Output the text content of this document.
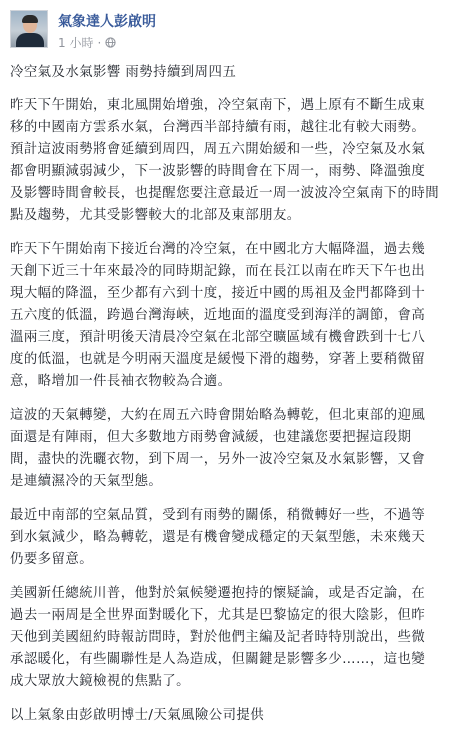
氣象達人彭啟明
1 小時 ·

冷空氣及水氣影響 雨勢持續到周四五

昨天下午開始，東北風開始增強，冷空氣南下，遇上原有不斷生成東
移的中國南方雲系水氣，台灣西半部持續有雨，越往北有較大雨勢。
預計這波雨勢將會延續到周四，周五六開始緩和一些，冷空氣及水氣
都會明顯減弱減少，下一波影響的時間會在下周一，雨勢、降溫強度
及影響時間會較長，也提醒您要注意最近一周一波波冷空氣南下的時間
點及趨勢，尤其受影響較大的北部及東部朋友。

昨天下午開始南下接近台灣的冷空氣，在中國北方大幅降溫，過去幾
天創下近三十年來最冷的同時期記錄，而在長江以南在昨天下午也出
現大幅的降溫，至少都有六到十度，接近中國的馬祖及金門都降到十
五六度的低溫，跨過台灣海峽，近地面的溫度受到海洋的調節，會高
溫兩三度，預計明後天清晨冷空氣在北部空曠區域有機會跌到十七八
度的低溫，也就是今明兩天溫度是緩慢下滑的趨勢，穿著上要稍微留
意，略增加一件長袖衣物較為合適。

這波的天氣轉變，大約在周五六時會開始略為轉乾，但北東部的迎風
面還是有陣雨，但大多數地方雨勢會減緩，也建議您要把握這段期
間，盡快的洗曬衣物，到下周一，另外一波冷空氣及水氣影響，又會
是連續濕冷的天氣型態。

最近中南部的空氣品質，受到有雨勢的關係，稍微轉好一些，不過等
到水氣減少，略為轉乾，還是有機會變成穩定的天氣型態，未來幾天
仍要多留意。

美國新任總統川普，他對於氣候變遷抱持的懷疑論，或是否定論，在
過去一兩周是全世界面對暖化下，尤其是巴黎協定的很大陰影，但昨
天他到美國紐約時報訪問時，對於他們主編及記者時特別說出，些微
承認暖化，有些關聯性是人為造成，但關鍵是影響多少……，這也變
成大眾放大鏡檢視的焦點了。

以上氣象由彭啟明博士/天氣風險公司提供
